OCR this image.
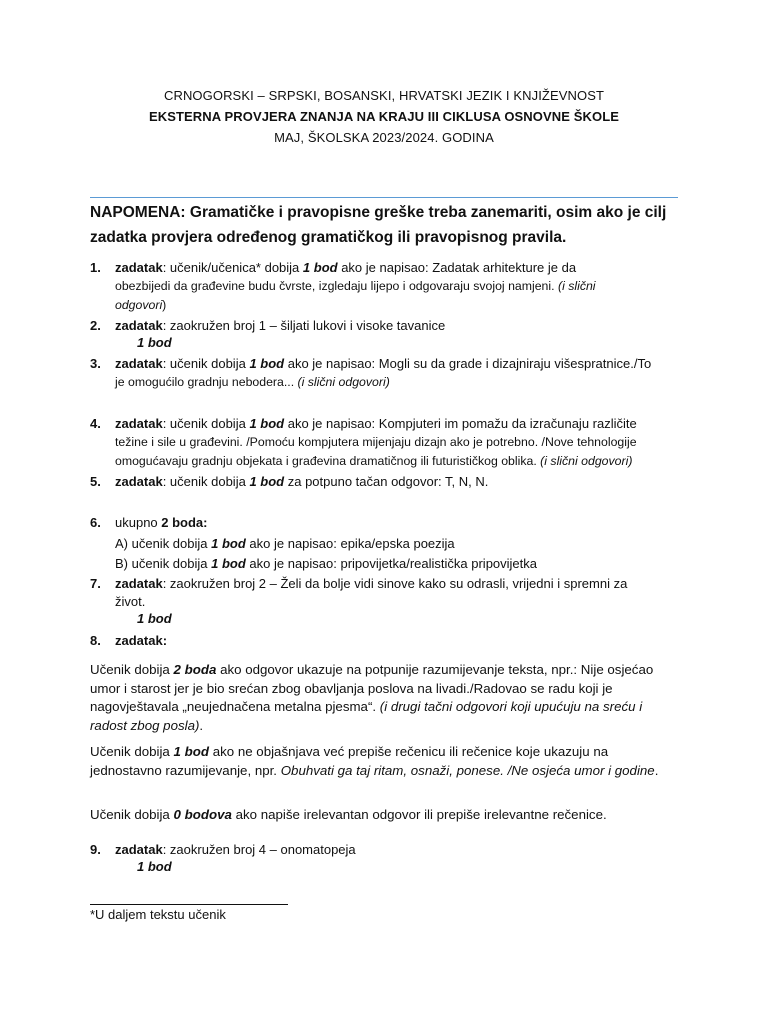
CRNOGORSKI – SRPSKI, BOSANSKI, HRVATSKI JEZIK I KNJIŽEVNOST
EKSTERNA PROVJERA ZNANJA NA KRAJU III CIKLUSA OSNOVNE ŠKOLE
MAJ, ŠKOLSKA 2023/2024. GODINA
NAPOMENA: Gramatičke i pravopisne greške treba zanemariti, osim ako je cilj
zadatka provjera određenog gramatičkog ili pravopisnog pravila.
1.	zadatak: učenik/učenica* dobija 1 bod ako je napisao: Zadatak arhitekture je da
obezbijedi da građevine budu čvrste, izgledaju lijepo i odgovaraju svojoj namjeni. (i slični
odgovori)
2.	zadatak: zaokružen broj 1 – šiljati lukovi i visoke tavanice
1 bod
3.	zadatak: učenik dobija 1 bod ako je napisao: Mogli su da grade i dizajniraju višespratnice./To
je omogućilo gradnju nebodera... (i slični odgovori)
4.	zadatak: učenik dobija 1 bod ako je napisao: Kompjuteri im pomažu da izračunaju različite
težine i sile u građevini. /Pomoću kompjutera mijenjaju dizajn ako je potrebno. /Nove tehnologije
omogućavaju gradnju objekata i građevina dramatičnog ili futurističkog oblika. (i slični odgovori)
5.	zadatak: učenik dobija 1 bod za potpuno tačan odgovor: T, N, N.
6.	ukupno 2 boda:
A) učenik dobija 1 bod ako je napisao: epika/epska poezija
B) učenik dobija 1 bod ako je napisao: pripovijetka/realistička pripovijetka
7.	zadatak: zaokružen broj 2 – Želi da bolje vidi sinove kako su odrasli, vrijedni i spremni za
život.
1 bod
8.	zadatak:
Učenik dobija 2 boda ako odgovor ukazuje na potpunije razumijevanje teksta, npr.: Nije osjećao umor i starost jer je bio srećan zbog obavljanja poslova na livadi./Radovao se radu koji je nagovještavala „neujednačena metalna pjesma“. (i drugi tačni odgovori koji upućuju na sreću i radost zbog posla).
Učenik dobija 1 bod ako ne objašnjava već prepiše rečenicu ili rečenice koje ukazuju na jednostavno razumijevanje, npr. Obuhvati ga taj ritam, osnaži, ponese. /Ne osjeća umor i godine.
Učenik dobija 0 bodova ako napiše irelevantan odgovor ili prepiše irelevantne rečenice.
9.	zadatak: zaokružen broj 4 – onomatopeja
1 bod
*U daljem tekstu učenik
